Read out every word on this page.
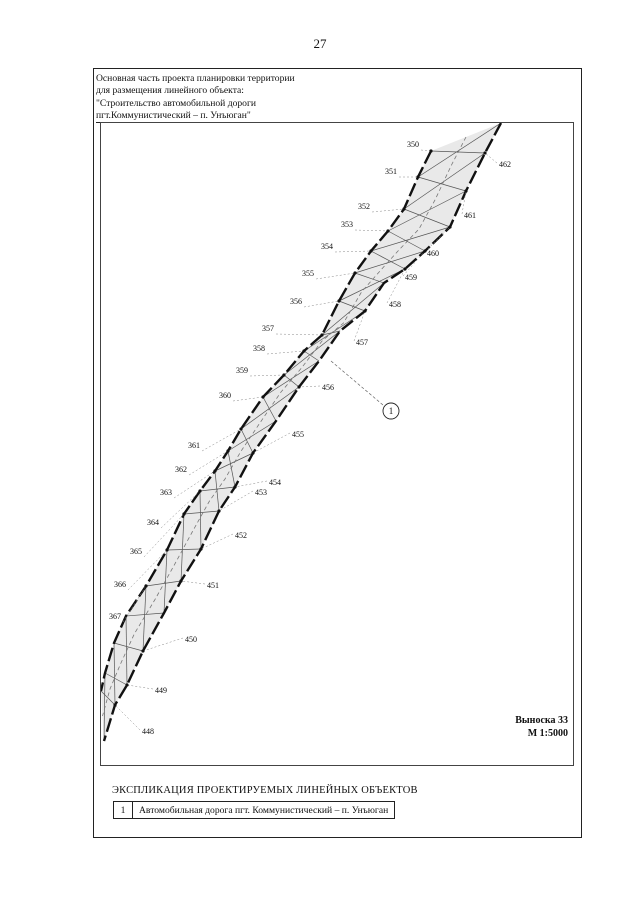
27
Основная часть проекта планировки территории
для размещения линейного объекта:
"Строительство автомобильной дороги
пгт.Коммунистический – п. Унъюган"
350
351
352
353
354
355
356
357
358
359
360
361
362
363
364
365
366
367
462
461
460
459
458
457
456
455
454
453
452
451
450
449
448
1
Выноска 33
М 1:5000
ЭКСПЛИКАЦИЯ ПРОЕКТИРУЕМЫХ ЛИНЕЙНЫХ ОБЪЕКТОВ
1	Автомобильная дорога пгт. Коммунистический – п. Унъюган
